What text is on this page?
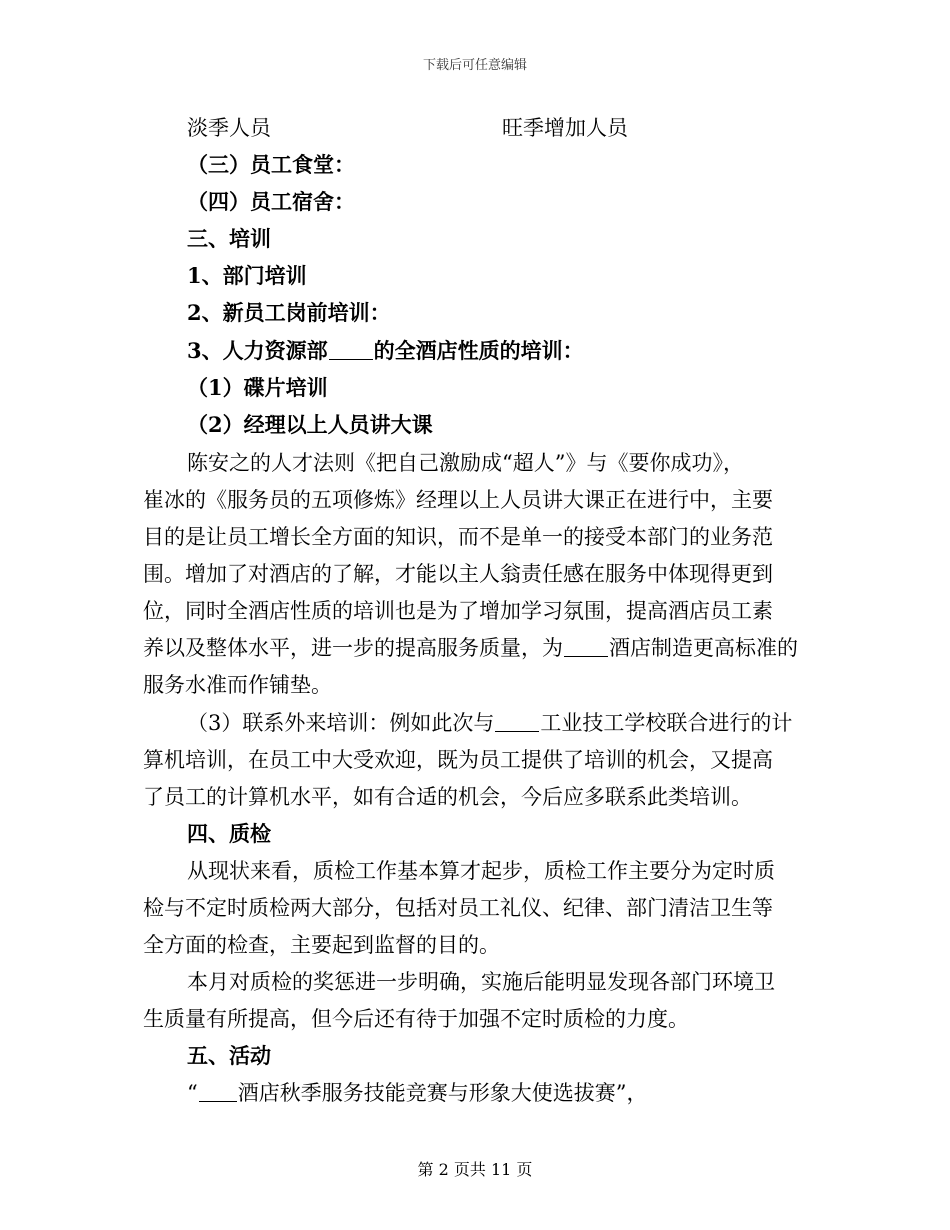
下载后可任意编辑
淡季人员	旺季增加人员
（三）员工食堂：
（四）员工宿舍：
三、培训
1、部门培训
2、新员工岗前培训：
3、人力资源部 的全酒店性质的培训：
（1）碟片培训
（2）经理以上人员讲大课
陈安之的人才法则《把自己激励成“超人”》与《要你成功》，
崔冰的《服务员的五项修炼》经理以上人员讲大课正在进行中，主要
目的是让员工增长全方面的知识，而不是单一的接受本部门的业务范
围。增加了对酒店的了解，才能以主人翁责任感在服务中体现得更到
位，同时全酒店性质的培训也是为了增加学习氛围，提高酒店员工素
养以及整体水平，进一步的提高服务质量，为 酒店制造更高标准的
服务水准而作铺垫。
（3）联系外来培训：例如此次与 工业技工学校联合进行的计
算机培训，在员工中大受欢迎，既为员工提供了培训的机会，又提高
了员工的计算机水平，如有合适的机会，今后应多联系此类培训。
四、质检
从现状来看，质检工作基本算才起步，质检工作主要分为定时质
检与不定时质检两大部分，包括对员工礼仪、纪律、部门清洁卫生等
全方面的检查，主要起到监督的目的。
本月对质检的奖惩进一步明确，实施后能明显发现各部门环境卫
生质量有所提高，但今后还有待于加强不定时质检的力度。
五、活动
“ 酒店秋季服务技能竞赛与形象大使选拔赛”，
第 2 页共 11 页
